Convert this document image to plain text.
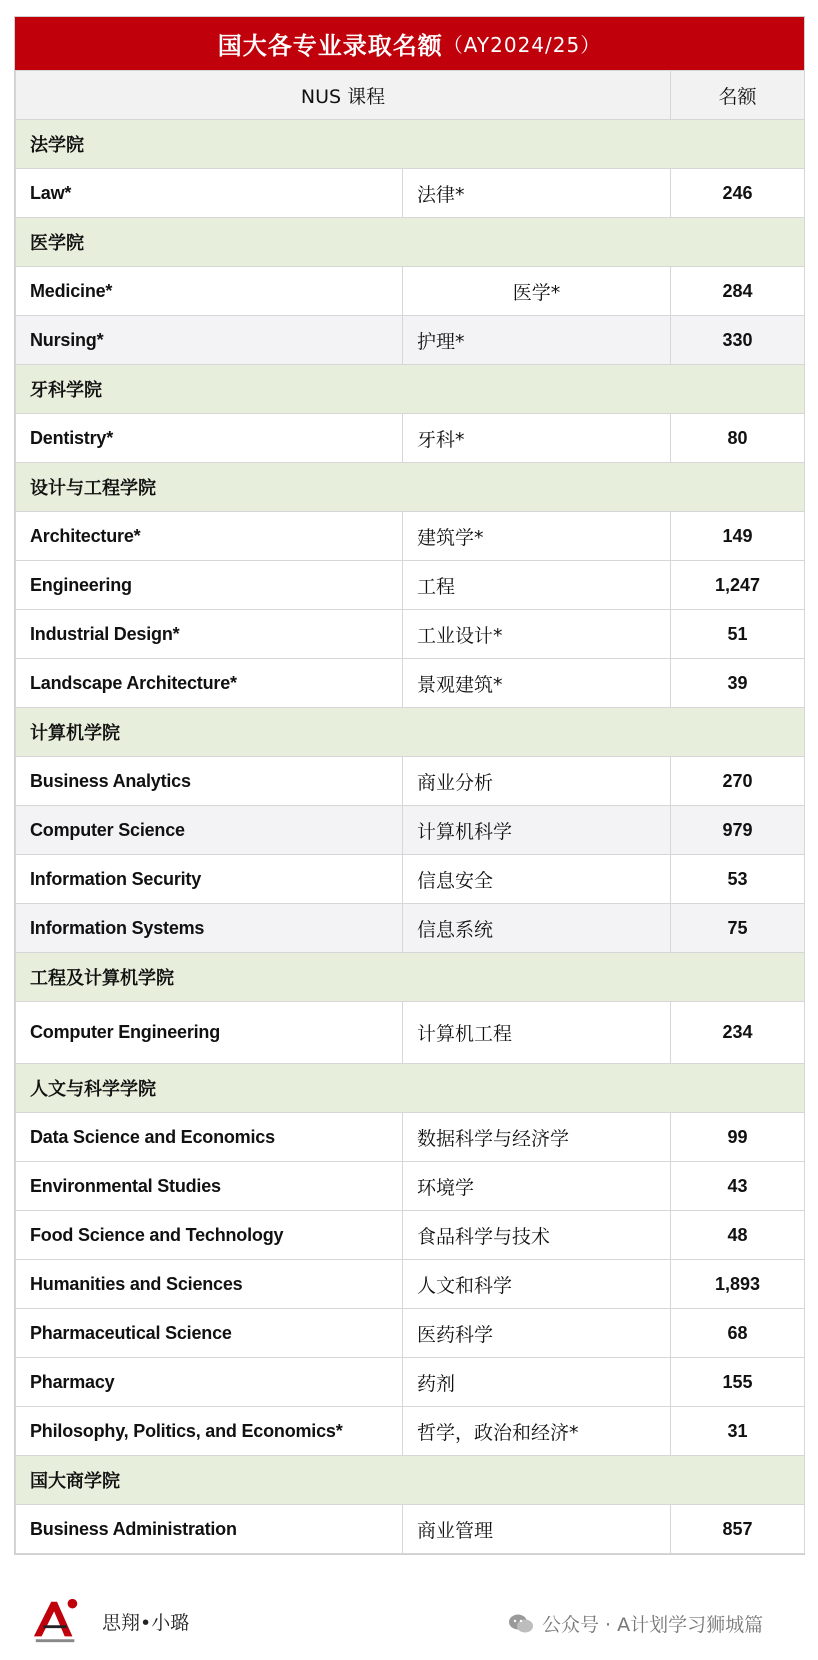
国大各专业录取名额 （AY2024/25）
NUS 课程		名额
法学院		
Law*	法律*	246
医学院		
Medicine*	医学*	284
Nursing*	护理*	330
牙科学院		
Dentistry*	牙科*	80
设计与工程学院		
Architecture*	建筑学*	149
Engineering	工程	1,247
Industrial Design*	工业设计*	51
Landscape Architecture*	景观建筑*	39
计算机学院		
Business Analytics	商业分析	270
Computer Science	计算机科学	979
Information Security	信息安全	53
Information Systems	信息系统	75
工程及计算机学院		
Computer Engineering	计算机工程	234
人文与科学学院		
Data Science and Economics	数据科学与经济学	99
Environmental Studies	环境学	43
Food Science and Technology	食品科学与技术	48
Humanities and Sciences	人文和科学	1,893
Pharmaceutical Science	医药科学	68
Pharmacy	药剂	155
Philosophy, Politics, and Economics*	哲学，政治和经济*	31
国大商学院		
Business Administration	商业管理	857
思翔•小璐	公众号 · A计划学习狮城篇
